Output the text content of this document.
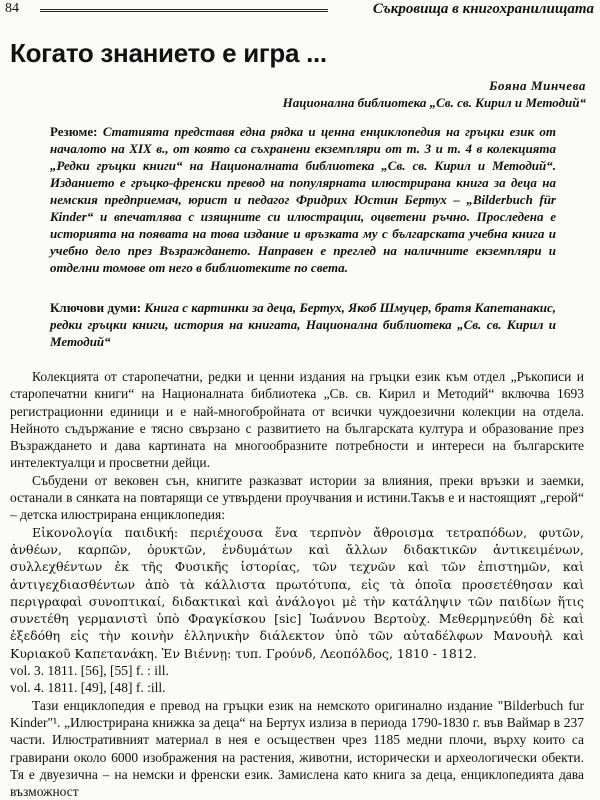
84	Съкровища в книгохранилищата
Когато знанието е игра ...
Бояна Минчева
Национална библиотека „Св. св. Кирил и Методий“
Резюме: Статията представя една рядка и ценна енциклопедия на гръцки език от началото на XIX в., от която са съхранени екземпляри от т. 3 и т. 4 в колекцията „Редки гръцки книги“ на Националната библиотека „Св. св. Кирил и Методий“. Изданието е гръцко-френски превод на популярната илюстрирана книга за деца на немския предприемач, юрист и педагог Фридрих Юстин Бертух – „Bilderbuch für Kinder“ и впечатлява с изящните си илюстрации, оцветени ръчно. Проследена е историята на появата на това издание и връзката му с българската учебна книга и учебно дело през Възраждането. Направен е преглед на наличните екземпляри и отделни томове от него в библиотеките по света.
Ключови думи: Книга с картинки за деца, Бертух, Якоб Шмуцер, братя Капетанакис, редки гръцки книги, история на книгата, Национална библиотека „Св. св. Кирил и Методий“

Колекцията от старопечатни, редки и ценни издания на гръцки език към отдел „Ръкописи и старопечатни книги“ на Националната библиотека „Св. св. Кирил и Методий“ включва 1693 регистрационни единици и е най-многобройната от всички чуждоезични колекции на отдела. Нейното съдържание е тясно свързано с развитието на българската култура и образование през Възраждането и дава картината на многообразните потребности и интереси на българските интелектуалци и просветни дейци.

Събудени от вековен сън, книгите разказват истории за влияния, преки връзки и заемки, останали в сянката на повтарящи се утвърдени проучвания и истини.Такъв е и настоящият „герой“ – детска илюстрирана енциклопедия:

Εἰκονολογία παιδική: περιέχουσα ἕνα τερπνὸν ἄθροισμα τετραπόδων, φυτῶν, ἀνθέων, καρπῶν, ὀρυκτῶν, ἐνδυμάτων καὶ ἄλλων διδακτικῶν ἀντικειμένων, συλλεχθέντων ἐκ τῆς Φυσικῆς ἱστορίας, τῶν τεχνῶν καὶ τῶν ἐπιστημῶν, καὶ ἀντιγεχδιασθέντων ἀπὸ τὰ κάλλιστα πρωτότυπα, εἰς τὰ ὁποῖα προσετέθησαν καὶ περιγραφαὶ συνοπτικαί, διδακτικαὶ καὶ ἀνάλογοι μὲ τὴν κατάληψιν τῶν παιδίων ἥτις συνετέθη γερμανιστὶ ὑπὸ Φραγκίσκου [sic] Ἰωάννου Βερτοὺχ. Μεθερμηνεύθη δὲ καὶ ἐξεδόθη εἰς τὴν κοινὴν ἑλληνικὴν διάλεκτον ὑπὸ τῶν αὐταδέλφων Μανουὴλ καὶ Κυριακοῦ Καπετανάκη. Ἐν Βιέννῃ: τυπ. Γρούνδ, Λεοπόλδος, 1810 - 1812.

vol. 3. 1811. [56], [55] f. : ill.

vol. 4. 1811. [49], [48] f. :ill.

Тази енциклопедия е превод на гръцки език на немското оригинално издание "Bilderbuch fur Kinder"¹. „Илюстрирана книжка за деца“ на Бертух излиза в периода 1790-1830 г. във Ваймар в 237 части. Илюстративният материал в нея е осъществен чрез 1185 медни плочи, върху които са гравирани около 6000 изображения на растения, животни, исторически и археологически обекти. Тя е двуезична – на немски и френски език. Замислена като книга за деца, енциклопедията дава възможност
